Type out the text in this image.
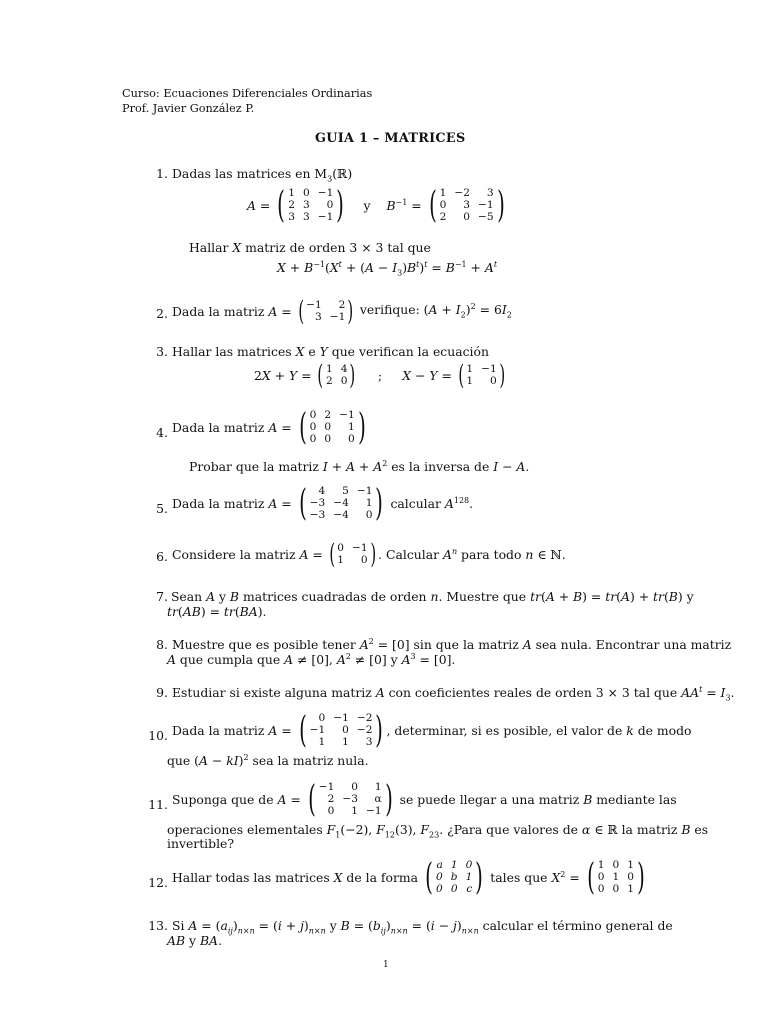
Curso: Ecuaciones Diferenciales Ordinarias
Prof. Javier González P.
GUIA 1 – MATRICES
1. Dadas las matrices en $M_3(ℝ)$
A = ( 1 0 −1
2 3	0
3 3 −1 ) y $B^{-1}$ = ( 1 −2	3
0	3 −1
2	0 −5 )
Hallar X matriz de orden 3 × 3 tal que
$X + B^{-1}(X^t + (A - I_3)B^t)^t = B^{-1} + A^t$
2. Dada la matriz A = ( −1	2
3 −1 ) verifique: $(A + I_2)^2 = 6I_2$
3. Hallar las matrices X e Y que verifican la ecuación
2X + Y = ( 1 4
2 0 ) ; X − Y = ( 1 −1
1	0 )
4. Dada la matriz A = ( 0 2 −1
0 0	1
0 0	0 )
Probar que la matriz $I + A + A^2$ es la inversa de I − A.
5. Dada la matriz A = (	4	5 −1
−3 −4	1
−3 −4	0 ) calcular $A^{128}$.
6. Considere la matriz A = ( 0 −1
1	0 ) . Calcular $A^n$ para todo n ∈ ℕ.
7. Sean A y B matrices cuadradas de orden n. Muestre que tr(A + B) = tr(A) + tr(B) y
tr(AB) = tr(BA).
8. Muestre que es posible tener $A^2 = [0]$ sin que la matriz A sea nula. Encontrar una matriz
A que cumpla que A ≠ [0], $A^2 \ne [0]$ y $A^3 = [0]$.
9. Estudiar si existe alguna matriz A con coeficientes reales de orden 3 × 3 tal que $AA^t = I_3$.
10. Dada la matriz A = (	0 −1 −2
−1	0 −2
1	1	3 ) , determinar, si es posible, el valor de k de modo
que (A − kI)$^2$ sea la matriz nula.
11. Suponga que de A = ( −1	0	1
2 −3	α
0	1 −1 ) se puede llegar a una matriz B mediante las
operaciones elementales $F_1(-2)$, $F_{12}(3)$, $F_{23}$. ¿Para que valores de α ∈ ℝ la matriz B es
invertible?
12. Hallar todas las matrices X de la forma ( a 1 0
0 b 1
0 0 c ) tales que $X^2$ = ( 1 0 1
0 1 0
0 0 1 )
13. Si $A = (a_{ij})_{n\times n} = (i + j)_{n\times n}$ y $B = (b_{ij})_{n\times n} = (i - j)_{n\times n}$ calcular el término general de
AB y BA.
1
